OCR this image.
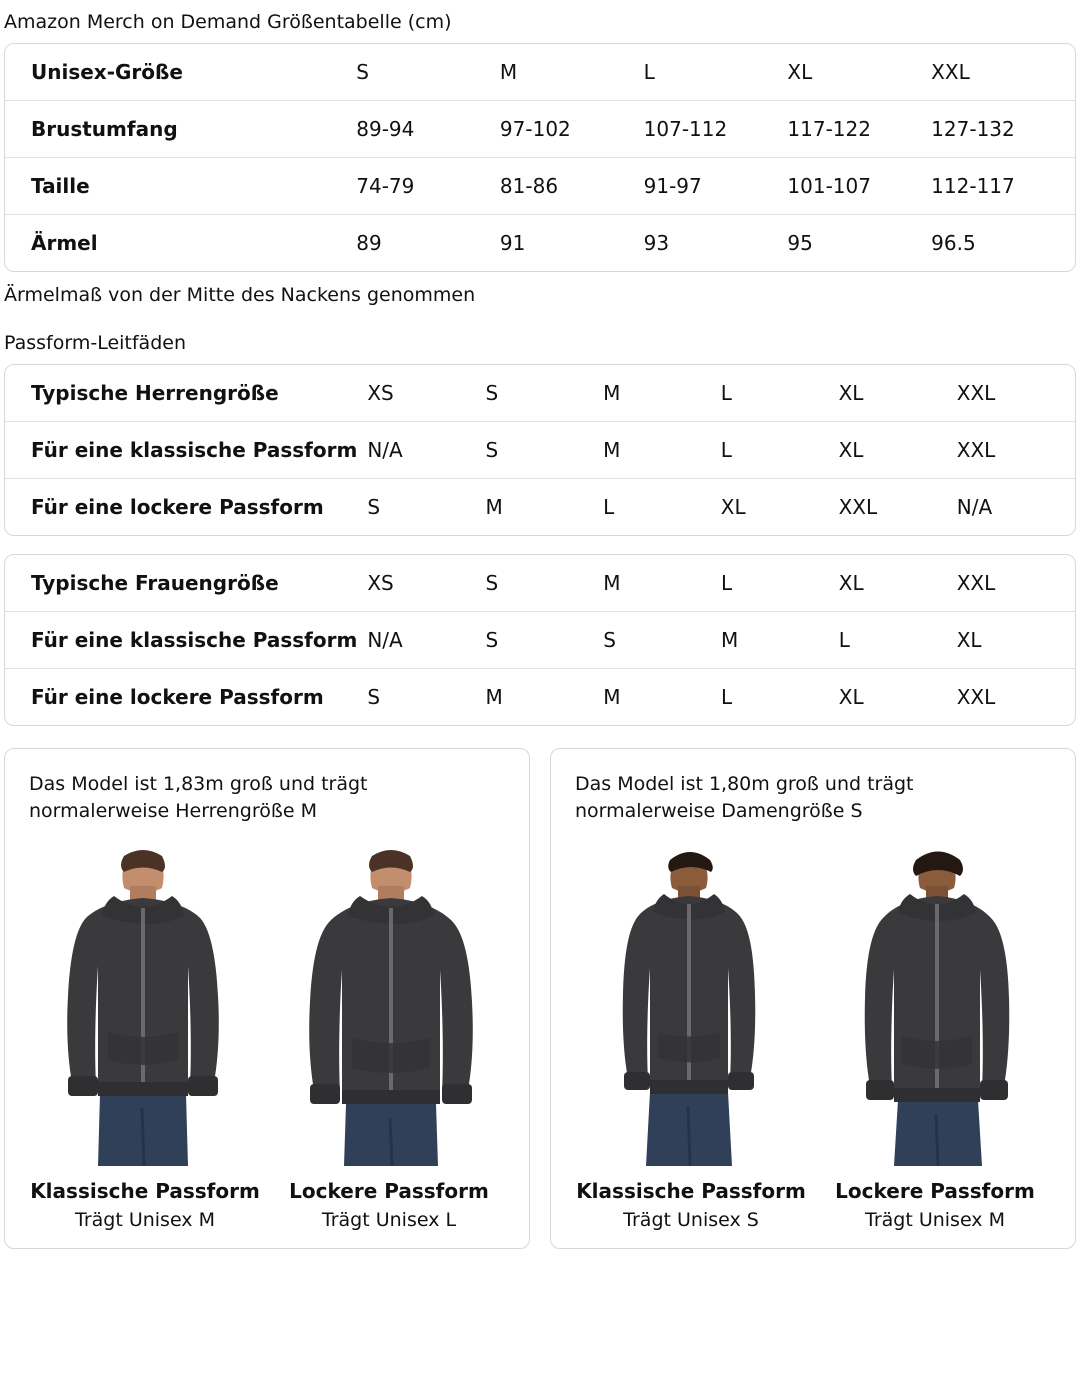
Amazon Merch on Demand Größentabelle (cm)
Unisex-Größe	S	M	L	XL	XXL
Brustumfang	89-94	97-102	107-112	117-122	127-132
Taille	74-79	81-86	91-97	101-107	112-117
Ärmel	89	91	93	95	96.5
Ärmelmaß von der Mitte des Nackens genommen
Passform-Leitfäden
Typische Herrengröße	XS	S	M	L	XL	XXL
Für eine klassische Passform	N/A	S	M	L	XL	XXL
Für eine lockere Passform	S	M	L	XL	XXL	N/A
Typische Frauengröße	XS	S	M	L	XL	XXL
Für eine klassische Passform	N/A	S	S	M	L	XL
Für eine lockere Passform	S	M	M	L	XL	XXL
Das Model ist 1,83m groß und trägt normalerweise Herrengröße M
Klassische Passform
Trägt Unisex M
Lockere Passform
Trägt Unisex L
Das Model ist 1,80m groß und trägt normalerweise Damengröße S
Klassische Passform
Trägt Unisex S
Lockere Passform
Trägt Unisex M
